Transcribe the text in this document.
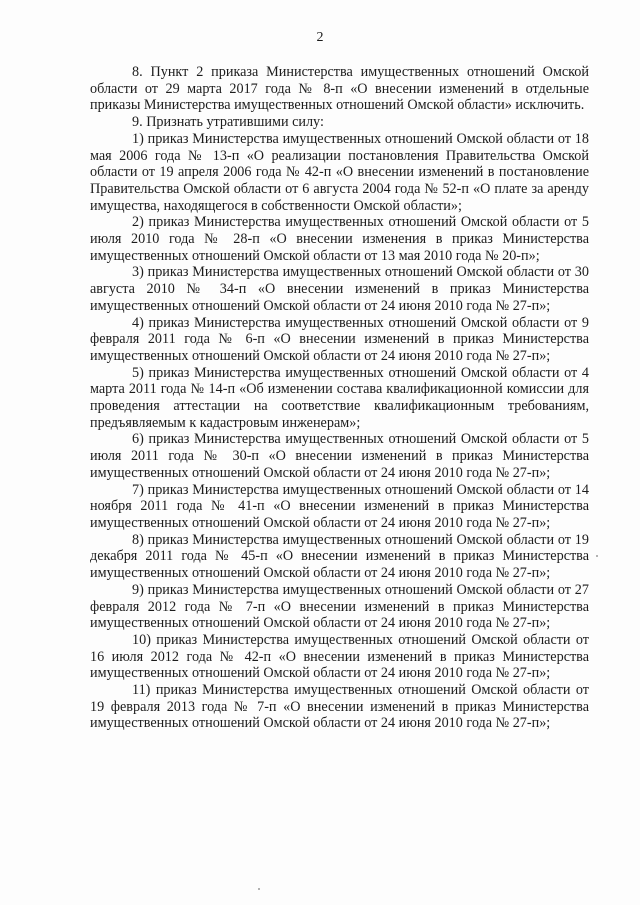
2

8. Пункт 2 приказа Министерства имущественных отношений Омской области от 29 марта 2017 года № 8-п «О внесении изменений в отдельные приказы Министерства имущественных отношений Омской области» исключить.

9. Признать утратившими силу:

1) приказ Министерства имущественных отношений Омской области от 18 мая 2006 года № 13-п «О реализации постановления Правительства Омской области от 19 апреля 2006 года № 42-п «О внесении изменений в постановление Правительства Омской области от 6 августа 2004 года № 52-п «О плате за аренду имущества, находящегося в собственности Омской области»;

2) приказ Министерства имущественных отношений Омской области от 5 июля 2010 года № 28-п «О внесении изменения в приказ Министерства имущественных отношений Омской области от 13 мая 2010 года № 20-п»;

3) приказ Министерства имущественных отношений Омской области от 30 августа 2010 № 34-п «О внесении изменений в приказ Министерства имущественных отношений Омской области от 24 июня 2010 года № 27-п»;

4) приказ Министерства имущественных отношений Омской области от 9 февраля 2011 года № 6-п «О внесении изменений в приказ Министерства имущественных отношений Омской области от 24 июня 2010 года № 27-п»;

5) приказ Министерства имущественных отношений Омской области от 4 марта 2011 года № 14-п «Об изменении состава квалификационной комиссии для проведения аттестации на соответствие квалификационным требованиям, предъявляемым к кадастровым инженерам»;

6) приказ Министерства имущественных отношений Омской области от 5 июля 2011 года № 30-п «О внесении изменений в приказ Министерства имущественных отношений Омской области от 24 июня 2010 года № 27-п»;

7) приказ Министерства имущественных отношений Омской области от 14 ноября 2011 года № 41-п «О внесении изменений в приказ Министерства имущественных отношений Омской области от 24 июня 2010 года № 27-п»;

8) приказ Министерства имущественных отношений Омской области от 19 декабря 2011 года № 45-п «О внесении изменений в приказ Министерства имущественных отношений Омской области от 24 июня 2010 года № 27-п»;

9) приказ Министерства имущественных отношений Омской области от 27 февраля 2012 года № 7-п «О внесении изменений в приказ Министерства имущественных отношений Омской области от 24 июня 2010 года № 27-п»;

10) приказ Министерства имущественных отношений Омской области от 16 июля 2012 года № 42-п «О внесении изменений в приказ Министерства имущественных отношений Омской области от 24 июня 2010 года № 27-п»;

11) приказ Министерства имущественных отношений Омской области от 19 февраля 2013 года № 7-п «О внесении изменений в приказ Министерства имущественных отношений Омской области от 24 июня 2010 года № 27-п»;
